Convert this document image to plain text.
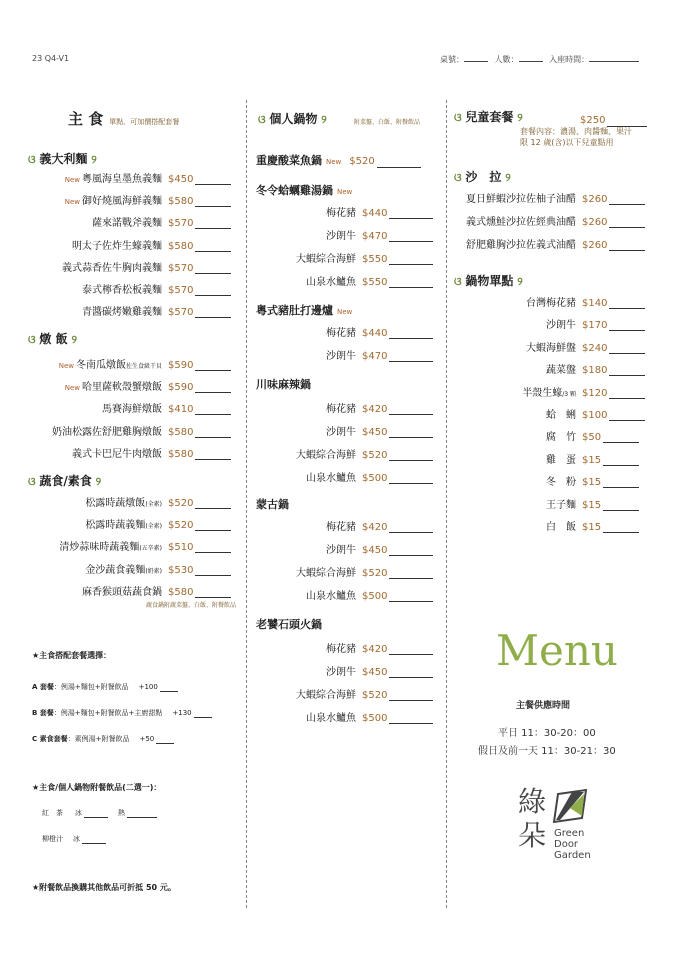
23 Q4-V1	桌號：	人數：	入座時間：
主 食 單點、可加價搭配套餐
ଓ 義大利麵 ୨
New 粵風海皇墨魚義麵 $450
New 御好燒風海鮮義麵 $580
薩來諾戰斧義麵 $570
明太子佐炸生蠔義麵 $580
義式蒜香佐牛胸肉義麵 $570
泰式檸香松板義麵 $570
青醬碳烤嫩雞義麵 $570
ଓ 燉 飯 ୨
New 冬南瓜燉飯佐生食級干貝 $590
New 哈里薩軟殼蟹燉飯 $590
馬賽海鮮燉飯 $410
奶油松露佐舒肥雞胸燉飯 $580
義式卡巴尼牛肉燉飯 $580
ଓ 蔬食/素食 ୨
松露時蔬燉飯(全素) $520
松露時蔬義麵(全素) $520
清炒蒜味時蔬義麵(五辛素) $510
金沙蔬食義麵(奶素) $530
麻香猴頭菇蔬食鍋 $580
蔬食鍋附蔬菜盤、白飯、附餐飲品
★主食搭配套餐選擇：
A 套餐：例湯+麵包+附餐飲品 +100
B 套餐：例湯+麵包+附餐飲品+主廚甜點 +130
C 素食套餐：素例湯+附餐飲品 +50
★主食/個人鍋物附餐飲品(二選一)：
紅　茶 冰	熱
柳橙汁 冰
★附餐飲品換購其他飲品可折抵 50 元。
ଓ 個人鍋物 ୨	附菜盤、白飯、附餐飲品
重慶酸菜魚鍋 New $520
冬令蛤蠣雞湯鍋 New
梅花豬 $440
沙朗牛 $470
大蝦綜合海鮮 $550
山泉水鱸魚 $550
粵式豬肚打邊爐 New
梅花豬 $440
沙朗牛 $470
川味麻辣鍋
梅花豬 $420
沙朗牛 $450
大蝦綜合海鮮 $520
山泉水鱸魚 $500
蒙古鍋
梅花豬 $420
沙朗牛 $450
大蝦綜合海鮮 $520
山泉水鱸魚 $500
老饕石頭火鍋
梅花豬 $420
沙朗牛 $450
大蝦綜合海鮮 $520
山泉水鱸魚 $500
ଓ 兒童套餐 ୨	$250
套餐內容：濃湯、肉醬麵、果汁
限 12 歲(含)以下兒童點用
ଓ 沙　拉 ୨
夏日鮮蝦沙拉佐柚子油醋 $260
義式燻鮭沙拉佐經典油醋 $260
舒肥雞胸沙拉佐義式油醋 $260
ଓ 鍋物單點 ୨
台灣梅花豬 $140
沙朗牛 $170
大蝦海鮮盤 $240
蔬菜盤 $180
半殼生蠔/3 顆 $120
蛤　蜊 $100
腐　竹 $50
雞　蛋 $15
冬　粉 $15
王子麵 $15
白　飯 $15
Menu
主餐供應時間
平日 11：30-20：00
假日及前一天 11：30-21：30
綠
朵 Green
Door
Garden
